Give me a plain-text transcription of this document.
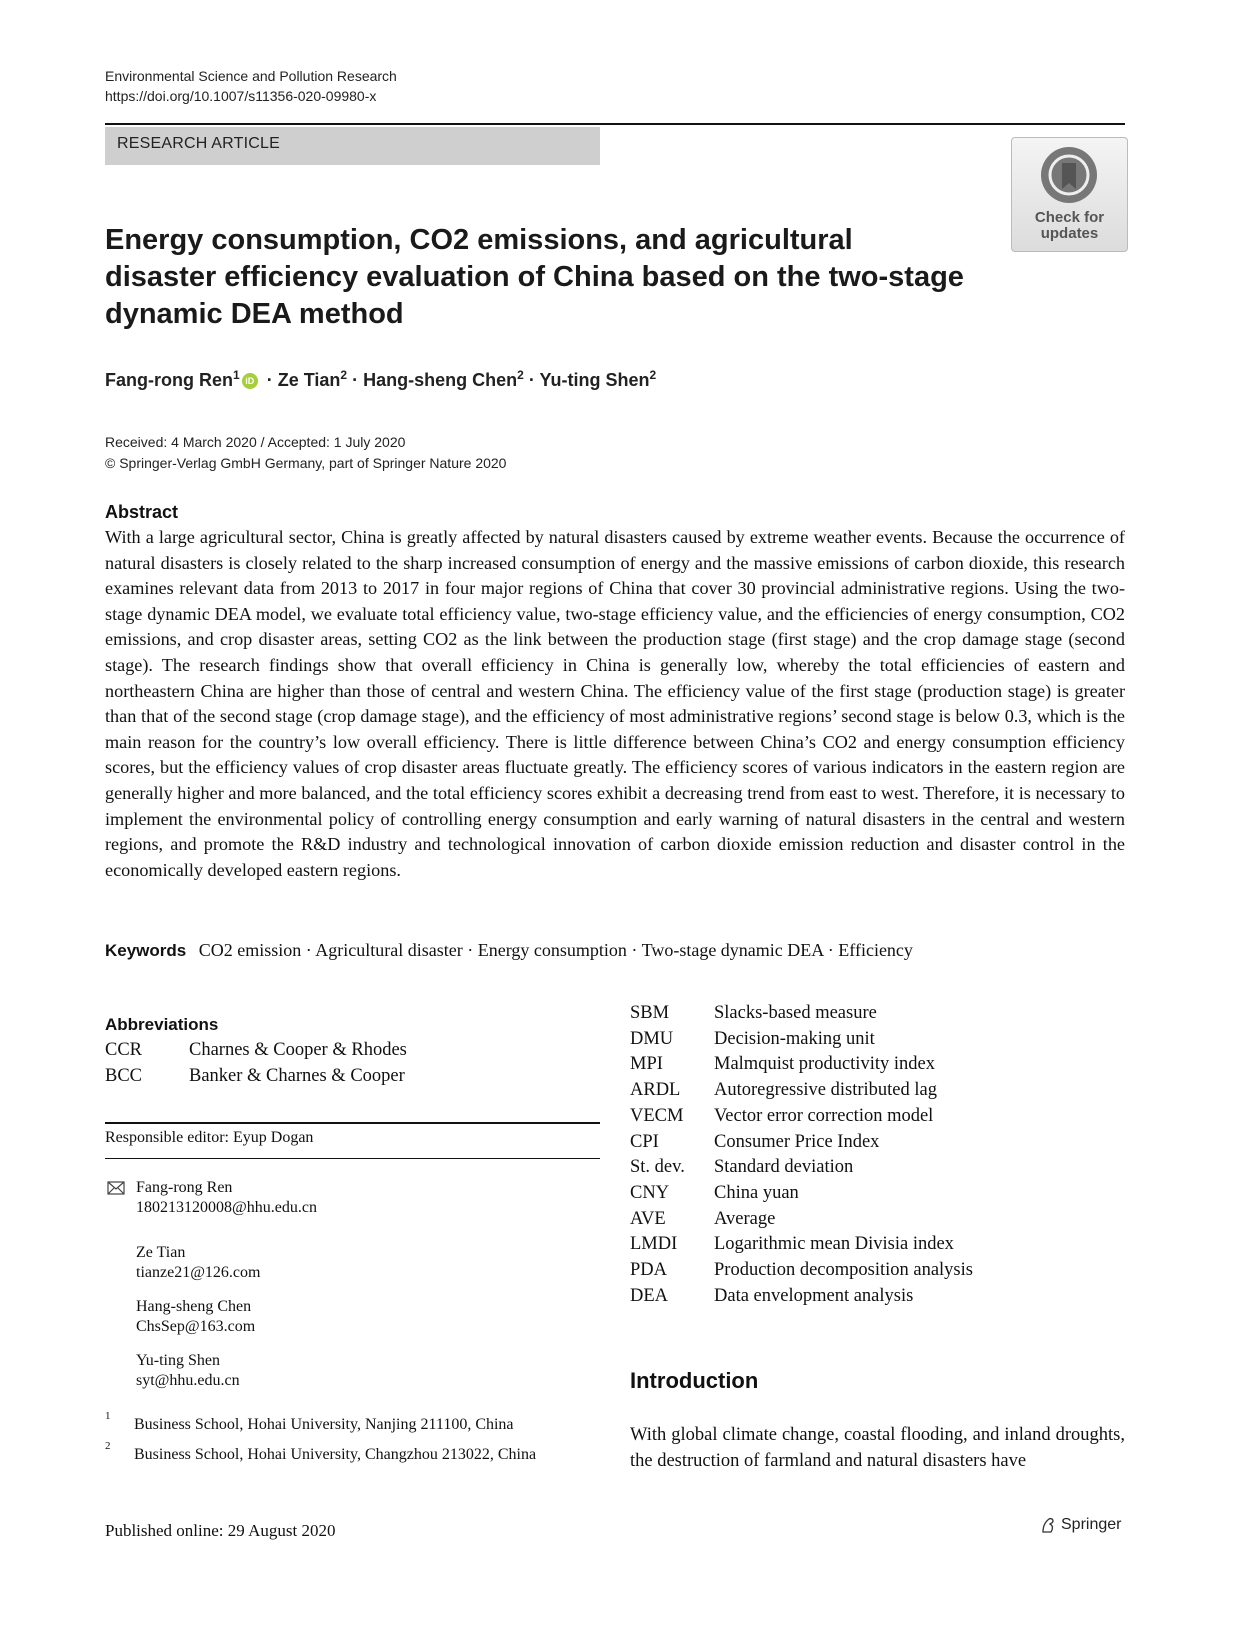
Environmental Science and Pollution Research
https://doi.org/10.1007/s11356-020-09980-x
RESEARCH ARTICLE
Check for
updates
Energy consumption, CO2 emissions, and agricultural disaster efficiency evaluation of China based on the two-stage dynamic DEA method
Fang-rong Ren$^1$ iD · Ze Tian$^2$ · Hang-sheng Chen$^2$ · Yu-ting Shen$^2$
Received: 4 March 2020 / Accepted: 1 July 2020
© Springer-Verlag GmbH Germany, part of Springer Nature 2020
Abstract
With a large agricultural sector, China is greatly affected by natural disasters caused by extreme weather events. Because the occurrence of natural disasters is closely related to the sharp increased consumption of energy and the massive emissions of carbon dioxide, this research examines relevant data from 2013 to 2017 in four major regions of China that cover 30 provincial administrative regions. Using the two-stage dynamic DEA model, we evaluate total efficiency value, two-stage efficiency value, and the efficiencies of energy consumption, CO2 emissions, and crop disaster areas, setting CO2 as the link between the production stage (first stage) and the crop damage stage (second stage). The research findings show that overall efficiency in China is generally low, whereby the total efficiencies of eastern and northeastern China are higher than those of central and western China. The efficiency value of the first stage (production stage) is greater than that of the second stage (crop damage stage), and the efficiency of most administrative regions’ second stage is below 0.3, which is the main reason for the country’s low overall efficiency. There is little difference between China’s CO2 and energy consumption efficiency scores, but the efficiency values of crop disaster areas fluctuate greatly. The efficiency scores of various indicators in the eastern region are generally higher and more balanced, and the total efficiency scores exhibit a decreasing trend from east to west. Therefore, it is necessary to implement the environmental policy of controlling energy consumption and early warning of natural disasters in the central and western regions, and promote the R&D industry and technological innovation of carbon dioxide emission reduction and disaster control in the economically developed eastern regions.
Keywords CO2 emission · Agricultural disaster · Energy consumption · Two-stage dynamic DEA · Efficiency
Abbreviations
CCR	Charnes & Cooper & Rhodes
BCC	Banker & Charnes & Cooper
SBM Slacks-based measure
DMU Decision-making unit
MPI	Malmquist productivity index
ARDL Autoregressive distributed lag
VECM Vector error correction model
CPI	Consumer Price Index
St. dev. Standard deviation
CNY China yuan
AVE	Average
LMDI Logarithmic mean Divisia index
PDA	Production decomposition analysis
DEA Data envelopment analysis
Responsible editor: Eyup Dogan
Fang-rong Ren
180213120008@hhu.edu.cn
Ze Tian
tianze21@126.com
Hang-sheng Chen
ChsSep@163.com
Yu-ting Shen
syt@hhu.edu.cn
1 Business School, Hohai University, Nanjing 211100, China
2 Business School, Hohai University, Changzhou 213022, China
Introduction
With global climate change, coastal flooding, and inland droughts, the destruction of farmland and natural disasters have
Published online: 29 August 2020	Springer
